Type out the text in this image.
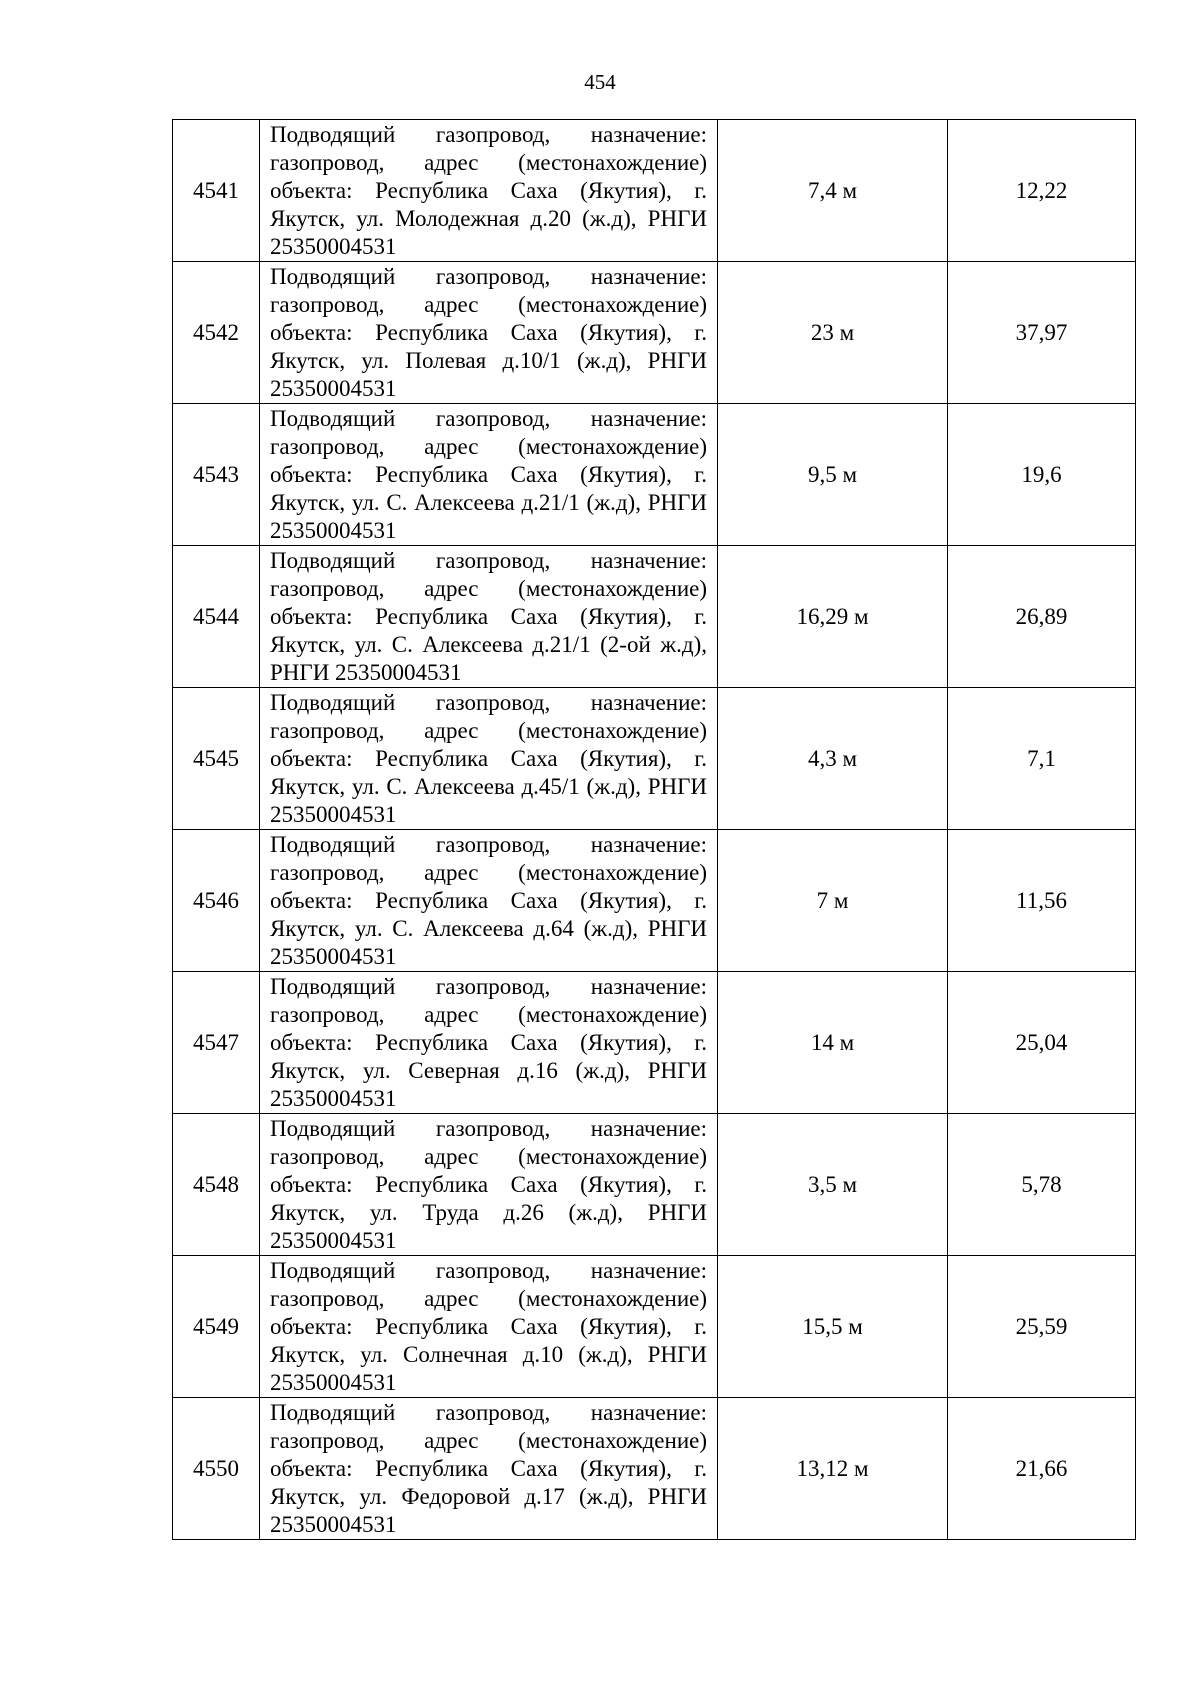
454
4541	Подводящий газопровод, назначение: газопровод, адрес (местонахождение) объекта: Республика Саха (Якутия), г. Якутск, ул. Молодежная д.20 (ж.д), РНГИ 25350004531	7,4 м	12,22
4542	Подводящий газопровод, назначение: газопровод, адрес (местонахождение) объекта: Республика Саха (Якутия), г. Якутск, ул. Полевая д.10/1 (ж.д), РНГИ 25350004531	23 м	37,97
4543	Подводящий газопровод, назначение: газопровод, адрес (местонахождение) объекта: Республика Саха (Якутия), г. Якутск, ул. С. Алексеева д.21/1 (ж.д), РНГИ 25350004531	9,5 м	19,6
4544	Подводящий газопровод, назначение: газопровод, адрес (местонахождение) объекта: Республика Саха (Якутия), г. Якутск, ул. С. Алексеева д.21/1 (2-ой ж.д), РНГИ 25350004531	16,29 м	26,89
4545	Подводящий газопровод, назначение: газопровод, адрес (местонахождение) объекта: Республика Саха (Якутия), г. Якутск, ул. С. Алексеева д.45/1 (ж.д), РНГИ 25350004531	4,3 м	7,1
4546	Подводящий газопровод, назначение: газопровод, адрес (местонахождение) объекта: Республика Саха (Якутия), г. Якутск, ул. С. Алексеева д.64 (ж.д), РНГИ 25350004531	7 м	11,56
4547	Подводящий газопровод, назначение: газопровод, адрес (местонахождение) объекта: Республика Саха (Якутия), г. Якутск, ул. Северная д.16 (ж.д), РНГИ 25350004531	14 м	25,04
4548	Подводящий газопровод, назначение: газопровод, адрес (местонахождение) объекта: Республика Саха (Якутия), г. Якутск, ул. Труда д.26 (ж.д), РНГИ 25350004531	3,5 м	5,78
4549	Подводящий газопровод, назначение: газопровод, адрес (местонахождение) объекта: Республика Саха (Якутия), г. Якутск, ул. Солнечная д.10 (ж.д), РНГИ 25350004531	15,5 м	25,59
4550	Подводящий газопровод, назначение: газопровод, адрес (местонахождение) объекта: Республика Саха (Якутия), г. Якутск, ул. Федоровой д.17 (ж.д), РНГИ 25350004531	13,12 м	21,66
